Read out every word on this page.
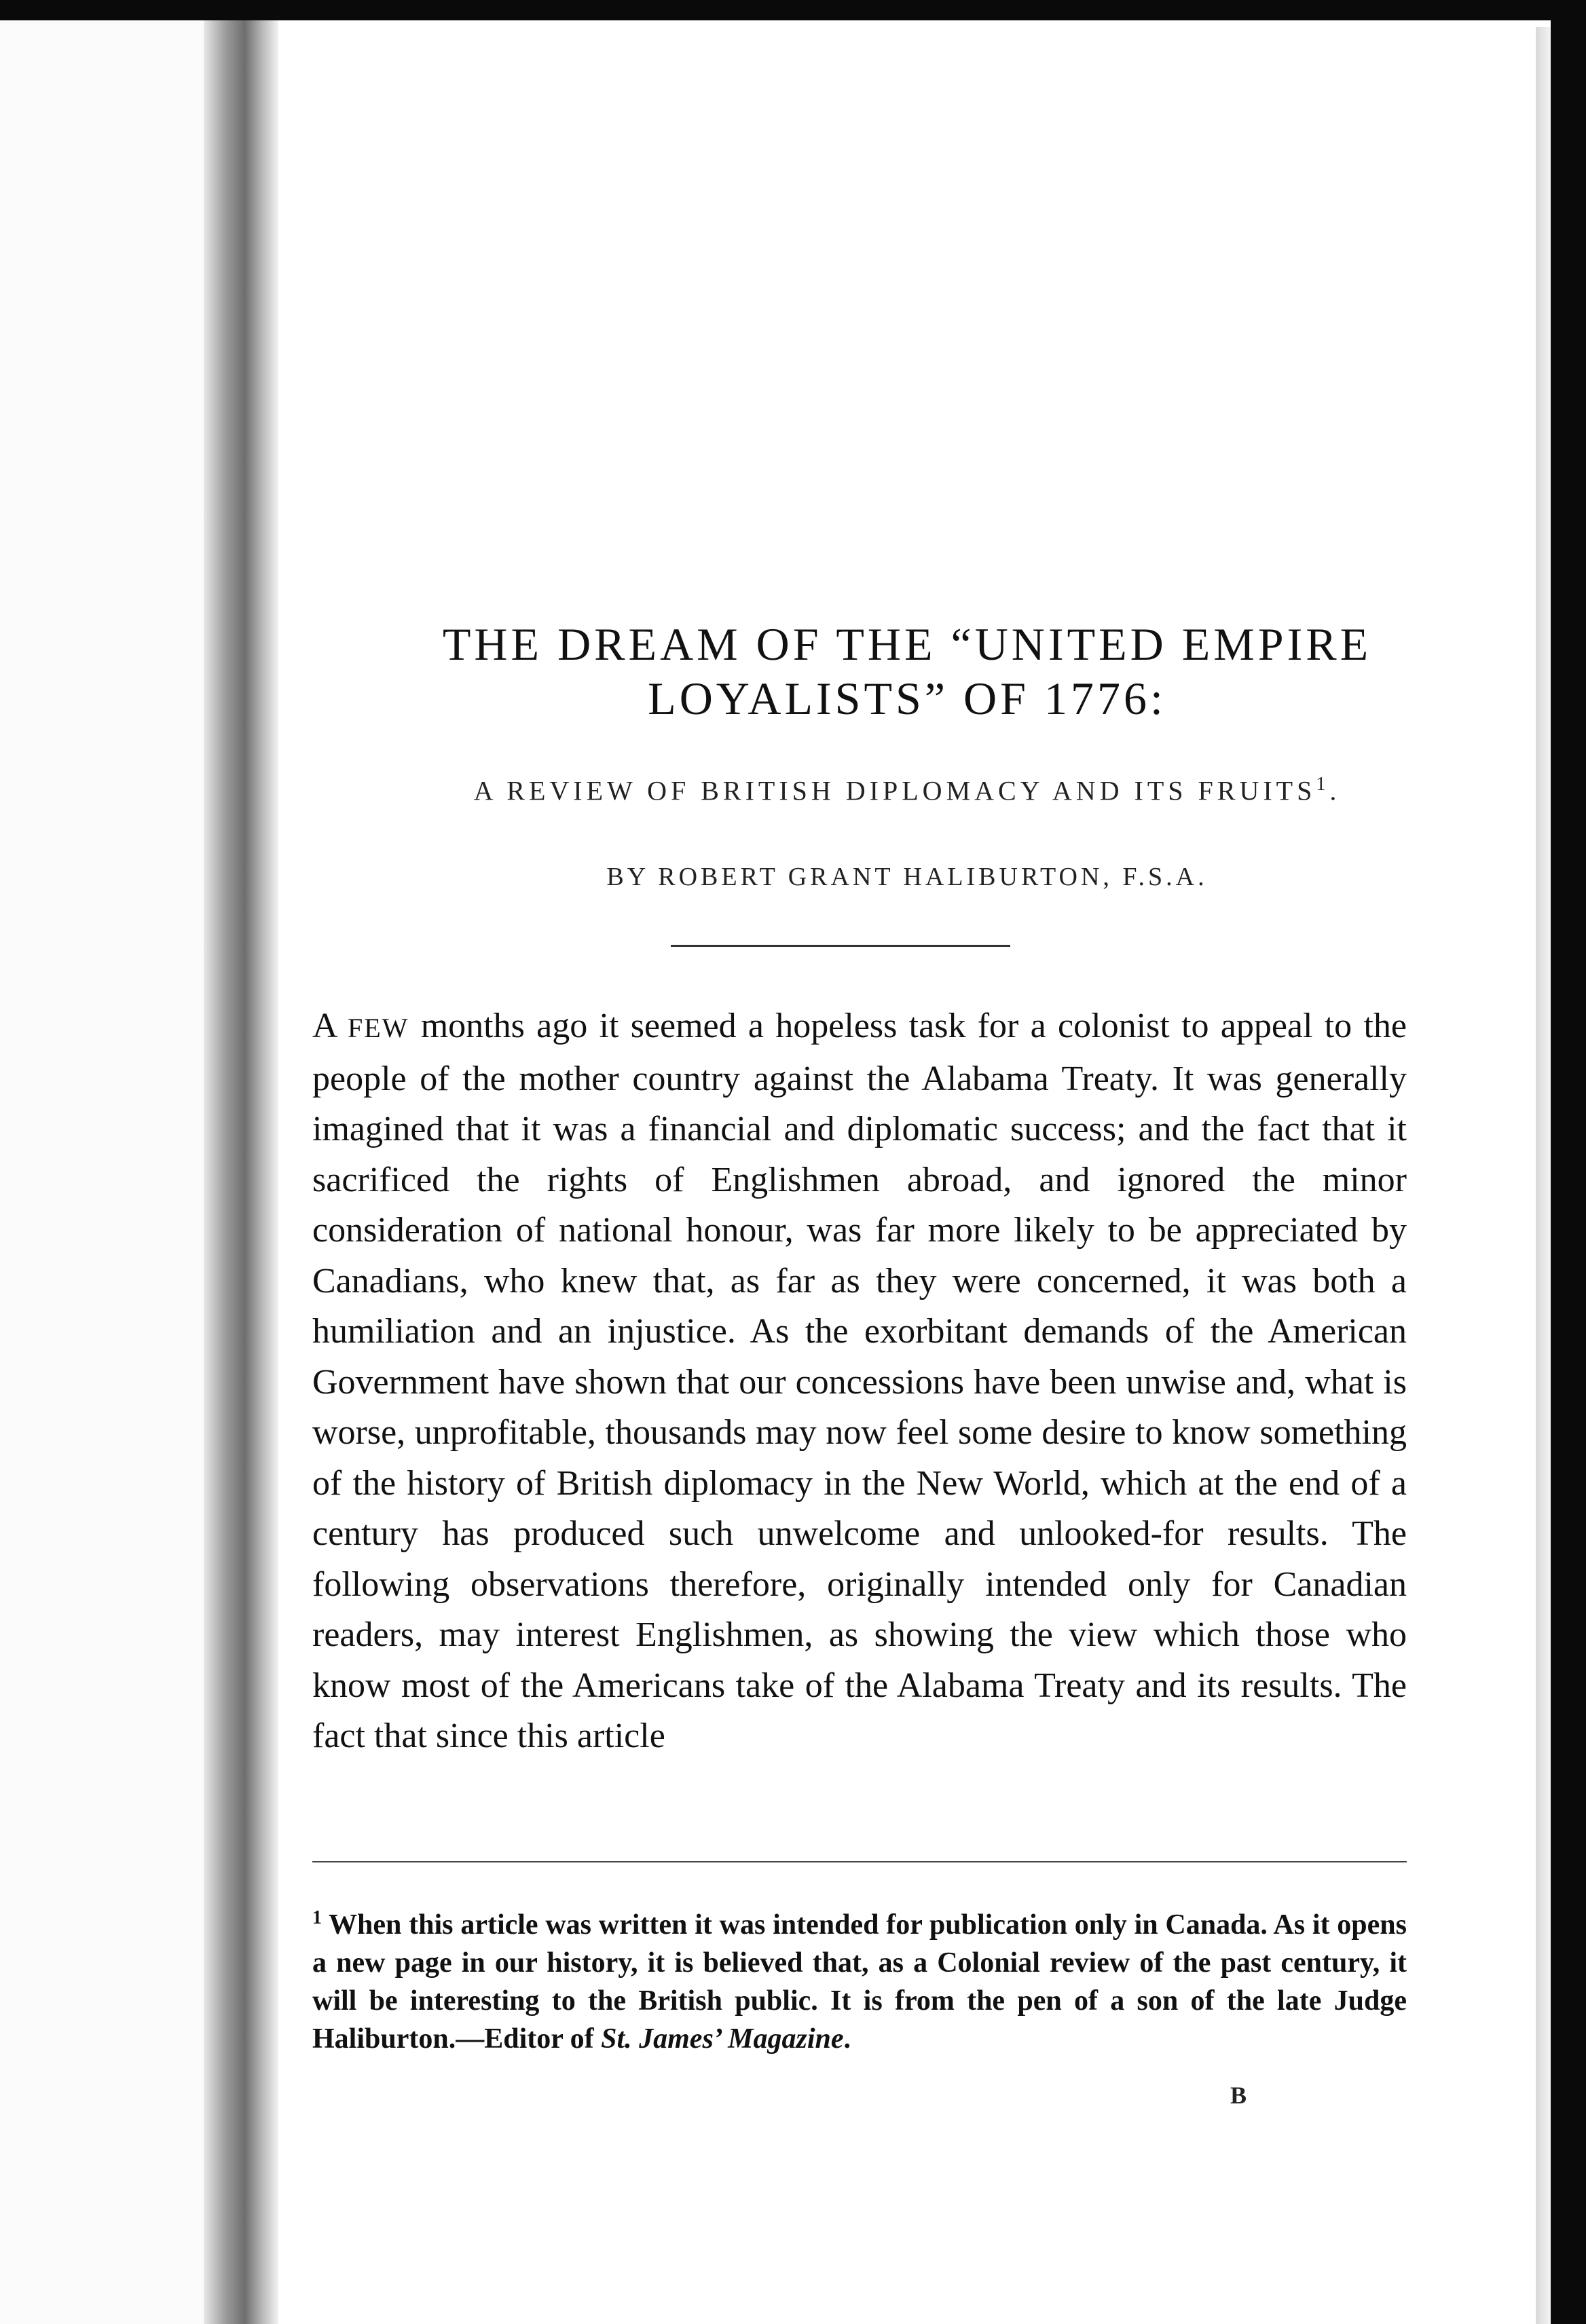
THE DREAM OF THE “UNITED EMPIRE
LOYALISTS” OF 1776:
A REVIEW OF BRITISH DIPLOMACY AND ITS FRUITS$^1$.
BY ROBERT GRANT HALIBURTON, F.S.A.
A FEW months ago it seemed a hopeless task for a colonist to appeal to the people of the mother country against the Alabama Treaty. It was generally imagined that it was a financial and diplomatic success; and the fact that it sacrificed the rights of Englishmen abroad, and ignored the minor consideration of national honour, was far more likely to be appreciated by Canadians, who knew that, as far as they were concerned, it was both a humiliation and an injustice. As the exorbitant demands of the American Government have shown that our concessions have been unwise and, what is worse, unprofitable, thousands may now feel some desire to know something of the history of British diplomacy in the New World, which at the end of a century has produced such unwelcome and unlooked-for results. The following observations therefore, originally intended only for Canadian readers, may interest Englishmen, as showing the view which those who know most of the Americans take of the Alabama Treaty and its results. The fact that since this article
$^1$ When this article was written it was intended for publication only in Canada. As it opens a new page in our history, it is believed that, as a Colonial review of the past century, it will be interesting to the British public. It is from the pen of a son of the late Judge Haliburton.—Editor of St. James’ Magazine.
B
